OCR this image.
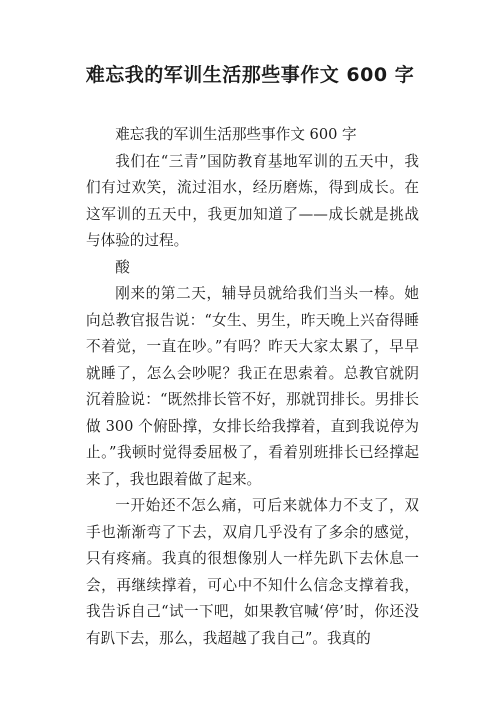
难忘我的军训生活那些事作文 600 字

难忘我的军训生活那些事作文 600 字

我们在“三青”国防教育基地军训的五天中，我们有过欢笑，流过泪水，经历磨炼，得到成长。在这军训的五天中，我更加知道了——成长就是挑战与体验的过程。

酸

刚来的第二天，辅导员就给我们当头一棒。她向总教官报告说：“女生、男生，昨天晚上兴奋得睡不着觉，一直在吵。”有吗？昨天大家太累了，早早就睡了，怎么会吵呢？我正在思索着。总教官就阴沉着脸说：“既然排长管不好，那就罚排长。男排长做 300 个俯卧撑，女排长给我撑着，直到我说停为止。”我顿时觉得委屈极了，看着别班排长已经撑起来了，我也跟着做了起来。

一开始还不怎么痛，可后来就体力不支了，双手也渐渐弯了下去，双肩几乎没有了多余的感觉，只有疼痛。我真的很想像别人一样先趴下去休息一会，再继续撑着，可心中不知什么信念支撑着我，我告诉自己“试一下吧，如果教官喊‘停’时，你还没有趴下去，那么，我超越了我自己”。我真的
